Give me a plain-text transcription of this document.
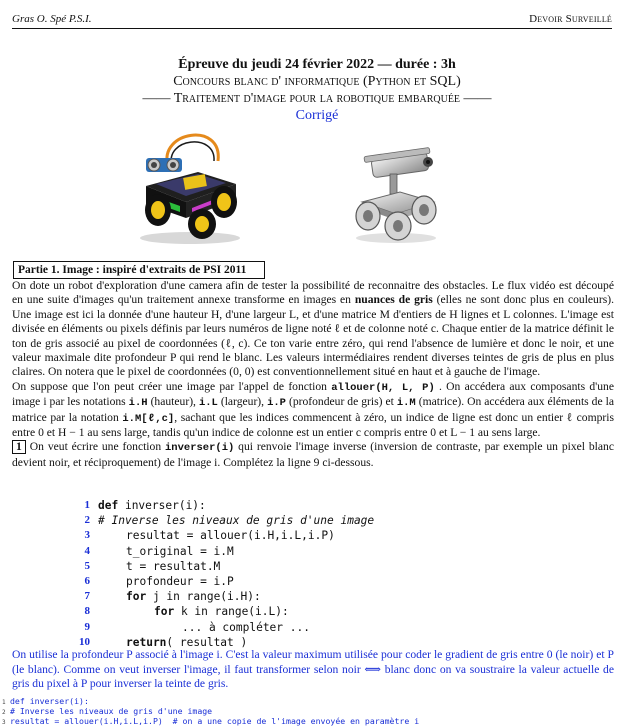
Gras O. Spé P.S.I.	Devoir Surveillé
Épreuve du jeudi 24 février 2022 — durée : 3h
Concours blanc d' informatique (Python et SQL)
—— Traitement d'image pour la robotique embarquée ——
Corrigé
Partie 1. Image : inspiré d'extraits de PSI 2011

On dote un robot d'exploration d'une camera afin de tester la possibilité de reconnaitre des obstacles. Le flux vidéo est découpé en une suite d'images qu'un traitement annexe transforme en images en nuances de gris (elles ne sont donc plus en couleurs). Une image est ici la donnée d'une hauteur H, d'une largeur L, et d'une matrice M d'entiers de H lignes et L colonnes. L'image est divisée en éléments ou pixels définis par leurs numéros de ligne noté ℓ et de colonne noté c. Chaque entier de la matrice définit le ton de gris associé au pixel de coordonnées (ℓ, c). Ce ton varie entre zéro, qui rend l'absence de lumière et donc le noir, et une valeur maximale dite profondeur P qui rend le blanc. Les valeurs intermédiaires rendent diverses teintes de gris de plus en plus claires. On notera que le pixel de coordonnées (0, 0) est conventionnellement situé en haut et à gauche de l'image.

On suppose que l'on peut créer une image par l'appel de fonction allouer(H, L, P) . On accédera aux composants d'une image i par les notations i.H (hauteur), i.L (largeur), i.P (profondeur de gris) et i.M (matrice). On accédera aux éléments de la matrice par la notation i.M[ℓ,c], sachant que les indices commencent à zéro, un indice de ligne est donc un entier ℓ compris entre 0 et H − 1 au sens large, tandis qu'un indice de colonne est un entier c compris entre 0 et L − 1 au sens large.

1 On veut écrire une fonction inverser(i) qui renvoie l'image inverse (inversion de contraste, par exemple un pixel blanc devient noir, et réciproquement) de l'image i. Complétez la ligne 9 ci-dessous.

1 def inverser(i):
2 # Inverse les niveaux de gris d'une image
3	resultat = allouer(i.H,i.L,i.P)
4	t_original = i.M
5	t = resultat.M
6	profondeur = i.P
7	for j in range(i.H):
8	for k in range(i.L):
9	... à compléter ...
10	return( resultat )
On utilise la profondeur P associé à l'image i. C'est la valeur maximum utilisée pour coder le gradient de gris entre 0 (le noir) et P (le blanc). Comme on veut inverser l'image, il faut transformer selon noir ⟺ blanc donc on va soustraire la valeur actuelle de gris du pixel à P pour inverser la teinte de gris.
1 def inverser(i):
2 # Inverse les niveaux de gris d'une image
3 resultat = allouer(i.H,i.L,i.P)  # on a une copie de l'image envoyée en paramètre i
